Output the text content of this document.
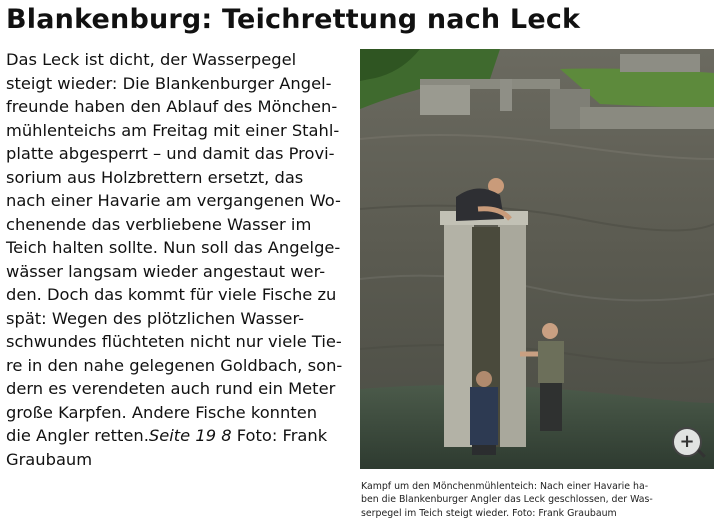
Blankenburg: Teichrettung nach Leck
Das Leck ist dicht, der Wasserpegel
steigt wieder: Die Blankenburger Angel-
freunde haben den Ablauf des Mönchen-
mühlenteichs am Freitag mit einer Stahl-
platte abgesperrt – und damit das Provi-
sorium aus Holzbrettern ersetzt, das
nach einer Havarie am vergangenen Wo-
chenende das verbliebene Wasser im
Teich halten sollte. Nun soll das Angelge-
wässer langsam wieder angestaut wer-
den. Doch das kommt für viele Fische zu
spät: Wegen des plötzlichen Wasser-
schwundes flüchteten nicht nur viele Tie-
re in den nahe gelegenen Goldbach, son-
dern es verendeten auch rund ein Meter
große Karpfen. Andere Fische konnten
die Angler retten.Seite 19 8 Foto: Frank
Graubaum
+
Kampf um den Mönchenmühlenteich: Nach einer Havarie ha-
ben die Blankenburger Angler das Leck geschlossen, der Was-
serpegel im Teich steigt wieder. Foto: Frank Graubaum
